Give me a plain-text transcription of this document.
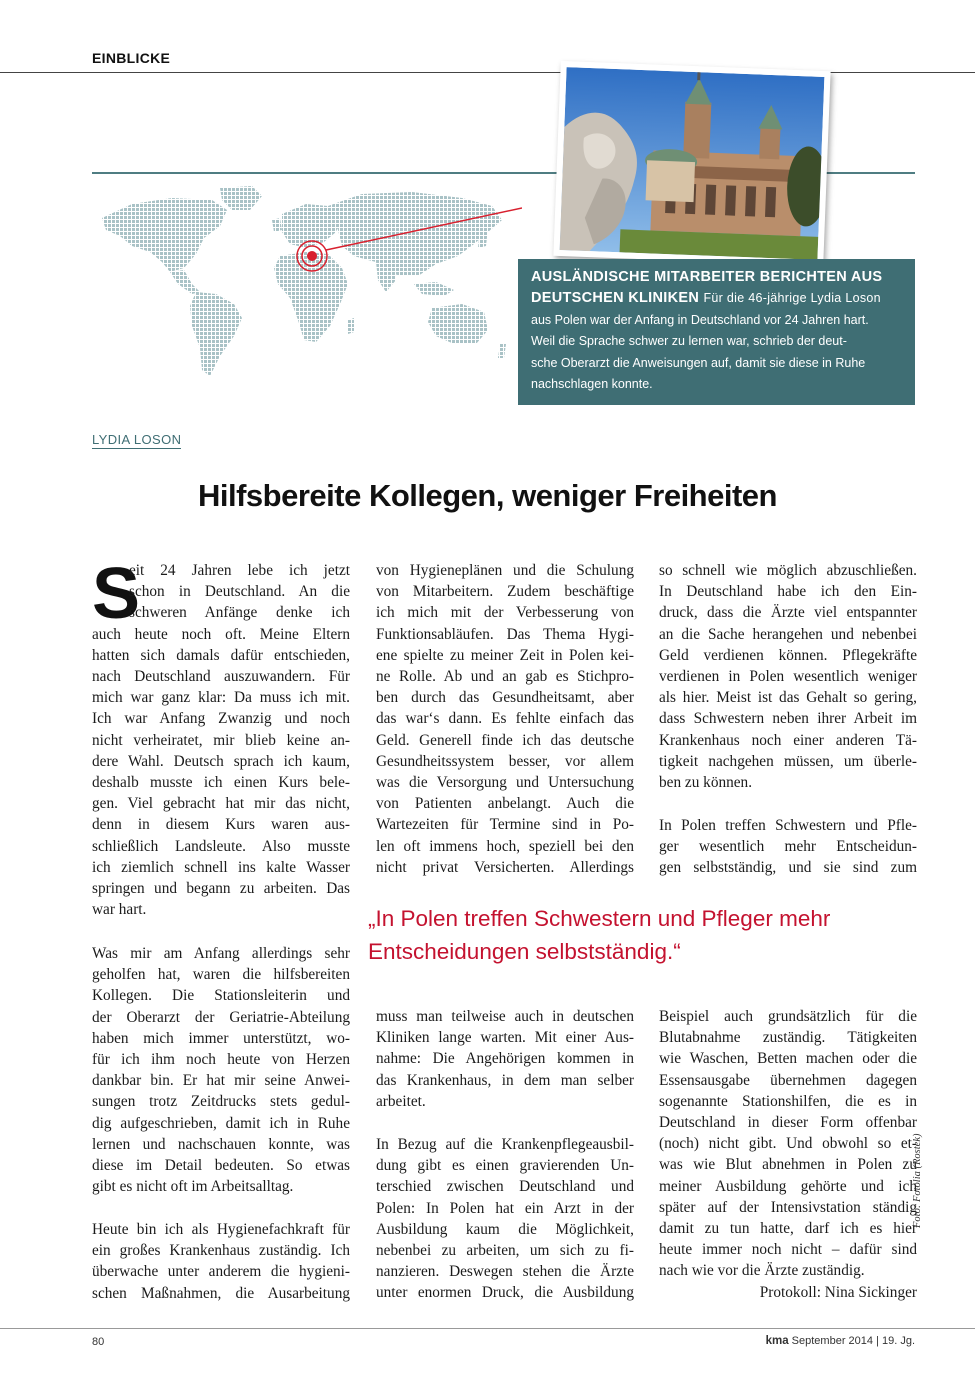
EINBLICKE
AUSLÄNDISCHE MITARBEITER BERICHTEN AUS
DEUTSCHEN KLINIKEN Für die 46-jährige Lydia Loson
aus Polen war der Anfang in Deutschland vor 24 Jahren hart.
Weil die Sprache schwer zu lernen war, schrieb der deut-
sche Oberarzt die Anweisungen auf, damit sie diese in Ruhe
nachschlagen konnte.
LYDIA LOSON
Hilfsbereite Kollegen, weniger Freiheiten
S
eit 24 Jahren lebe ich jetzt
schon in Deutschland. An die
schweren Anfänge denke ich
auch heute noch oft. Meine Eltern
hatten sich damals dafür entschieden,
nach Deutschland auszuwandern. Für
mich war ganz klar: Da muss ich mit.
Ich war Anfang Zwanzig und noch
nicht verheiratet, mir blieb keine an-
dere Wahl. Deutsch sprach ich kaum,
deshalb musste ich einen Kurs bele-
gen. Viel gebracht hat mir das nicht,
denn in diesem Kurs waren aus-
schließlich Landsleute. Also musste
ich ziemlich schnell ins kalte Wasser
springen und begann zu arbeiten. Das
war hart.
Was mir am Anfang allerdings sehr
geholfen hat, waren die hilfsbereiten
Kollegen. Die Stationsleiterin und
der Oberarzt der Geriatrie-Abteilung
haben mich immer unterstützt, wo-
für ich ihm noch heute von Herzen
dankbar bin. Er hat mir seine Anwei-
sungen trotz Zeitdrucks stets gedul-
dig aufgeschrieben, damit ich in Ruhe
lernen und nachschauen konnte, was
diese im Detail bedeuten. So etwas
gibt es nicht oft im Arbeitsalltag.
Heute bin ich als Hygienefachkraft für
ein großes Krankenhaus zuständig. Ich
überwache unter anderem die hygieni-
schen Maßnahmen, die Ausarbeitung
von Hygieneplänen und die Schulung
von Mitarbeitern. Zudem beschäftige
ich mich mit der Verbesserung von
Funktionsabläufen. Das Thema Hygi-
ene spielte zu meiner Zeit in Polen kei-
ne Rolle. Ab und an gab es Stichpro-
ben durch das Gesundheitsamt, aber
das war‘s dann. Es fehlte einfach das
Geld. Generell finde ich das deutsche
Gesundheitssystem besser, vor allem
was die Versorgung und Untersuchung
von Patienten anbelangt. Auch die
Wartezeiten für Termine sind in Po-
len oft immens hoch, speziell bei den
nicht privat Versicherten. Allerdings
muss man teilweise auch in deutschen
Kliniken lange warten. Mit einer Aus-
nahme: Die Angehörigen kommen in
das Krankenhaus, in dem man selber
arbeitet.
In Bezug auf die Krankenpflegeausbil-
dung gibt es einen gravierenden Un-
terschied zwischen Deutschland und
Polen: In Polen hat ein Arzt in der
Ausbildung kaum die Möglichkeit,
nebenbei zu arbeiten, um sich zu fi-
nanzieren. Deswegen stehen die Ärzte
unter enormen Druck, die Ausbildung
so schnell wie möglich abzuschließen.
In Deutschland habe ich den Ein-
druck, dass die Ärzte viel entspannter
an die Sache herangehen und nebenbei
Geld verdienen können. Pflegekräfte
verdienen in Polen wesentlich weniger
als hier. Meist ist das Gehalt so gering,
dass Schwestern neben ihrer Arbeit im
Krankenhaus noch einer anderen Tä-
tigkeit nachgehen müssen, um überle-
ben zu können.
In Polen treffen Schwestern und Pfle-
ger wesentlich mehr Entscheidun-
gen selbstständig, und sie sind zum
Beispiel auch grundsätzlich für die
Blutabnahme zuständig. Tätigkeiten
wie Waschen, Betten machen oder die
Essensausgabe übernehmen dagegen
sogenannte Stationshilfen, die es in
Deutschland in dieser Form offenbar
(noch) nicht gibt. Und obwohl so et-
was wie Blut abnehmen in Polen zu
meiner Ausbildung gehörte und ich
später auf der Intensivstation ständig
damit zu tun hatte, darf ich es hier
heute immer noch nicht – dafür sind
nach wie vor die Ärzte zuständig.
Protokoll: Nina Sickinger
„In Polen treffen Schwestern und Pfleger mehr
Entscheidungen selbstständig.“
Foto: Fotolia (Rostek)
80	kma September 2014 | 19. Jg.
